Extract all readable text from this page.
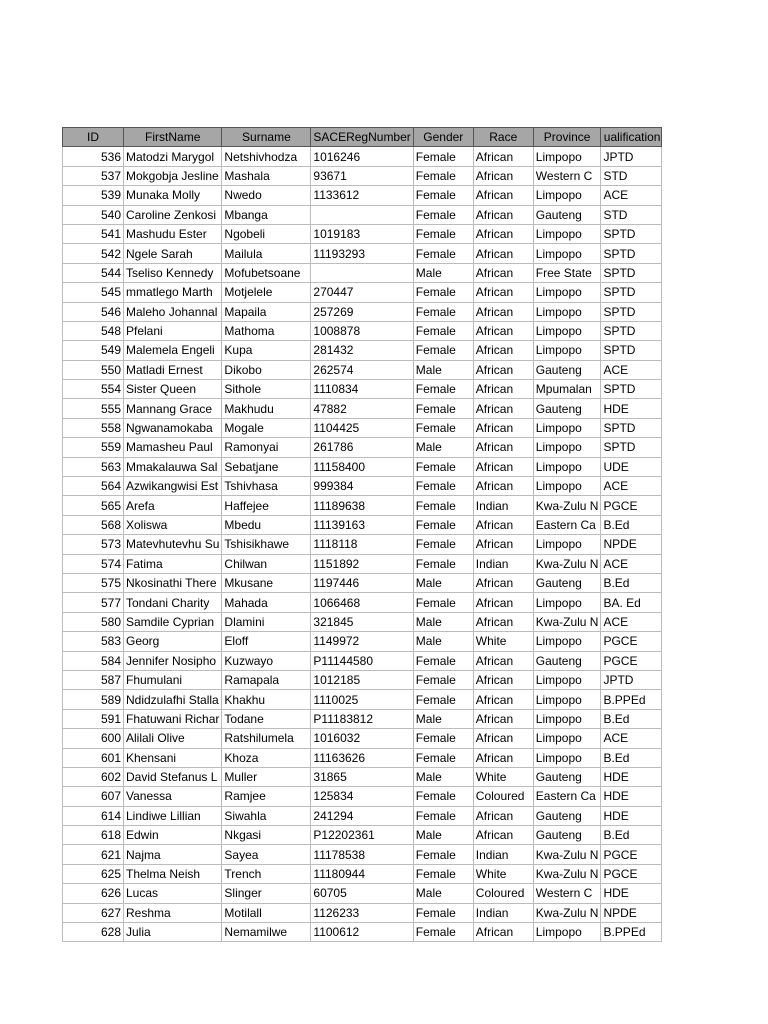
ID	FirstName	Surname	SACERegNumber	Gender	Race	Province	ualification
536	Matodzi Marygol	Netshivhodza	1016246	Female	African	Limpopo	JPTD
537	Mokgobja Jesline	Mashala	93671	Female	African	Western C	STD
539	Munaka Molly	Nwedo	1133612	Female	African	Limpopo	ACE
540	Caroline Zenkosi	Mbanga		Female	African	Gauteng	STD
541	Mashudu Ester	Ngobeli	1019183	Female	African	Limpopo	SPTD
542	Ngele Sarah	Mailula	11193293	Female	African	Limpopo	SPTD
544	Tseliso Kennedy	Mofubetsoane		Male	African	Free State	SPTD
545	mmatlego Marth	Motjelele	270447	Female	African	Limpopo	SPTD
546	Maleho Johannal	Mapaila	257269	Female	African	Limpopo	SPTD
548	Pfelani	Mathoma	1008878	Female	African	Limpopo	SPTD
549	Malemela Engeli	Kupa	281432	Female	African	Limpopo	SPTD
550	Matladi Ernest	Dikobo	262574	Male	African	Gauteng	ACE
554	Sister Queen	Sithole	1110834	Female	African	Mpumalan	SPTD
555	Mannang Grace	Makhudu	47882	Female	African	Gauteng	HDE
558	Ngwanamokaba	Mogale	1104425	Female	African	Limpopo	SPTD
559	Mamasheu Paul	Ramonyai	261786	Male	African	Limpopo	SPTD
563	Mmakalauwa Sal	Sebatjane	11158400	Female	African	Limpopo	UDE
564	Azwikangwisi Est	Tshivhasa	999384	Female	African	Limpopo	ACE
565	Arefa	Haffejee	11189638	Female	Indian	Kwa-Zulu N	PGCE
568	Xoliswa	Mbedu	11139163	Female	African	Eastern Ca	B.Ed
573	Matevhutevhu Su	Tshisikhawe	1118118	Female	African	Limpopo	NPDE
574	Fatima	Chilwan	1151892	Female	Indian	Kwa-Zulu N	ACE
575	Nkosinathi There	Mkusane	1197446	Male	African	Gauteng	B.Ed
577	Tondani Charity	Mahada	1066468	Female	African	Limpopo	BA. Ed
580	Samdile Cyprian	Dlamini	321845	Male	African	Kwa-Zulu N	ACE
583	Georg	Eloff	1149972	Male	White	Limpopo	PGCE
584	Jennifer Nosipho	Kuzwayo	P11144580	Female	African	Gauteng	PGCE
587	Fhumulani	Ramapala	1012185	Female	African	Limpopo	JPTD
589	Ndidzulafhi Stalla	Khakhu	1110025	Female	African	Limpopo	B.PPEd
591	Fhatuwani Richar	Todane	P11183812	Male	African	Limpopo	B.Ed
600	Alilali Olive	Ratshilumela	1016032	Female	African	Limpopo	ACE
601	Khensani	Khoza	11163626	Female	African	Limpopo	B.Ed
602	David Stefanus L	Muller	31865	Male	White	Gauteng	HDE
607	Vanessa	Ramjee	125834	Female	Coloured	Eastern Ca	HDE
614	Lindiwe Lillian	Siwahla	241294	Female	African	Gauteng	HDE
618	Edwin	Nkgasi	P12202361	Male	African	Gauteng	B.Ed
621	Najma	Sayea	11178538	Female	Indian	Kwa-Zulu N	PGCE
625	Thelma Neish	Trench	11180944	Female	White	Kwa-Zulu N	PGCE
626	Lucas	Slinger	60705	Male	Coloured	Western C	HDE
627	Reshma	Motilall	1126233	Female	Indian	Kwa-Zulu N	NPDE
628	Julia	Nemamilwe	1100612	Female	African	Limpopo	B.PPEd
